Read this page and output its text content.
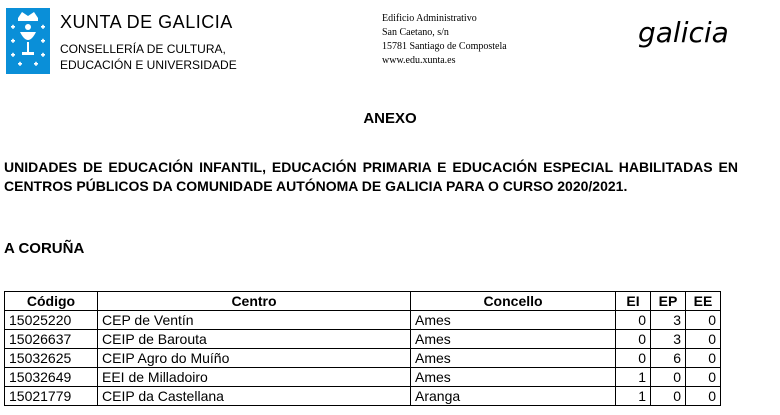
XUNTA DE GALICIA
CONSELLERÍA DE CULTURA,
EDUCACIÓN E UNIVERSIDADE
Edificio Administrativo
San Caetano, s/n
15781 Santiago de Compostela
www.edu.xunta.es
galicia
ANEXO
UNIDADES DE EDUCACIÓN INFANTIL, EDUCACIÓN PRIMARIA E EDUCACIÓN ESPECIAL HABILITADAS EN CENTROS PÚBLICOS DA COMUNIDADE AUTÓNOMA DE GALICIA PARA O CURSO 2020/2021.
A CORUÑA
Código	Centro	Concello	EI	EP	EE
15025220	CEP de Ventín	Ames	0	3	0
15026637	CEIP de Barouta	Ames	0	3	0
15032625	CEIP Agro do Muíño	Ames	0	6	0
15032649	EEI de Milladoiro	Ames	1	0	0
15021779	CEIP da Castellana	Aranga	1	0	0
